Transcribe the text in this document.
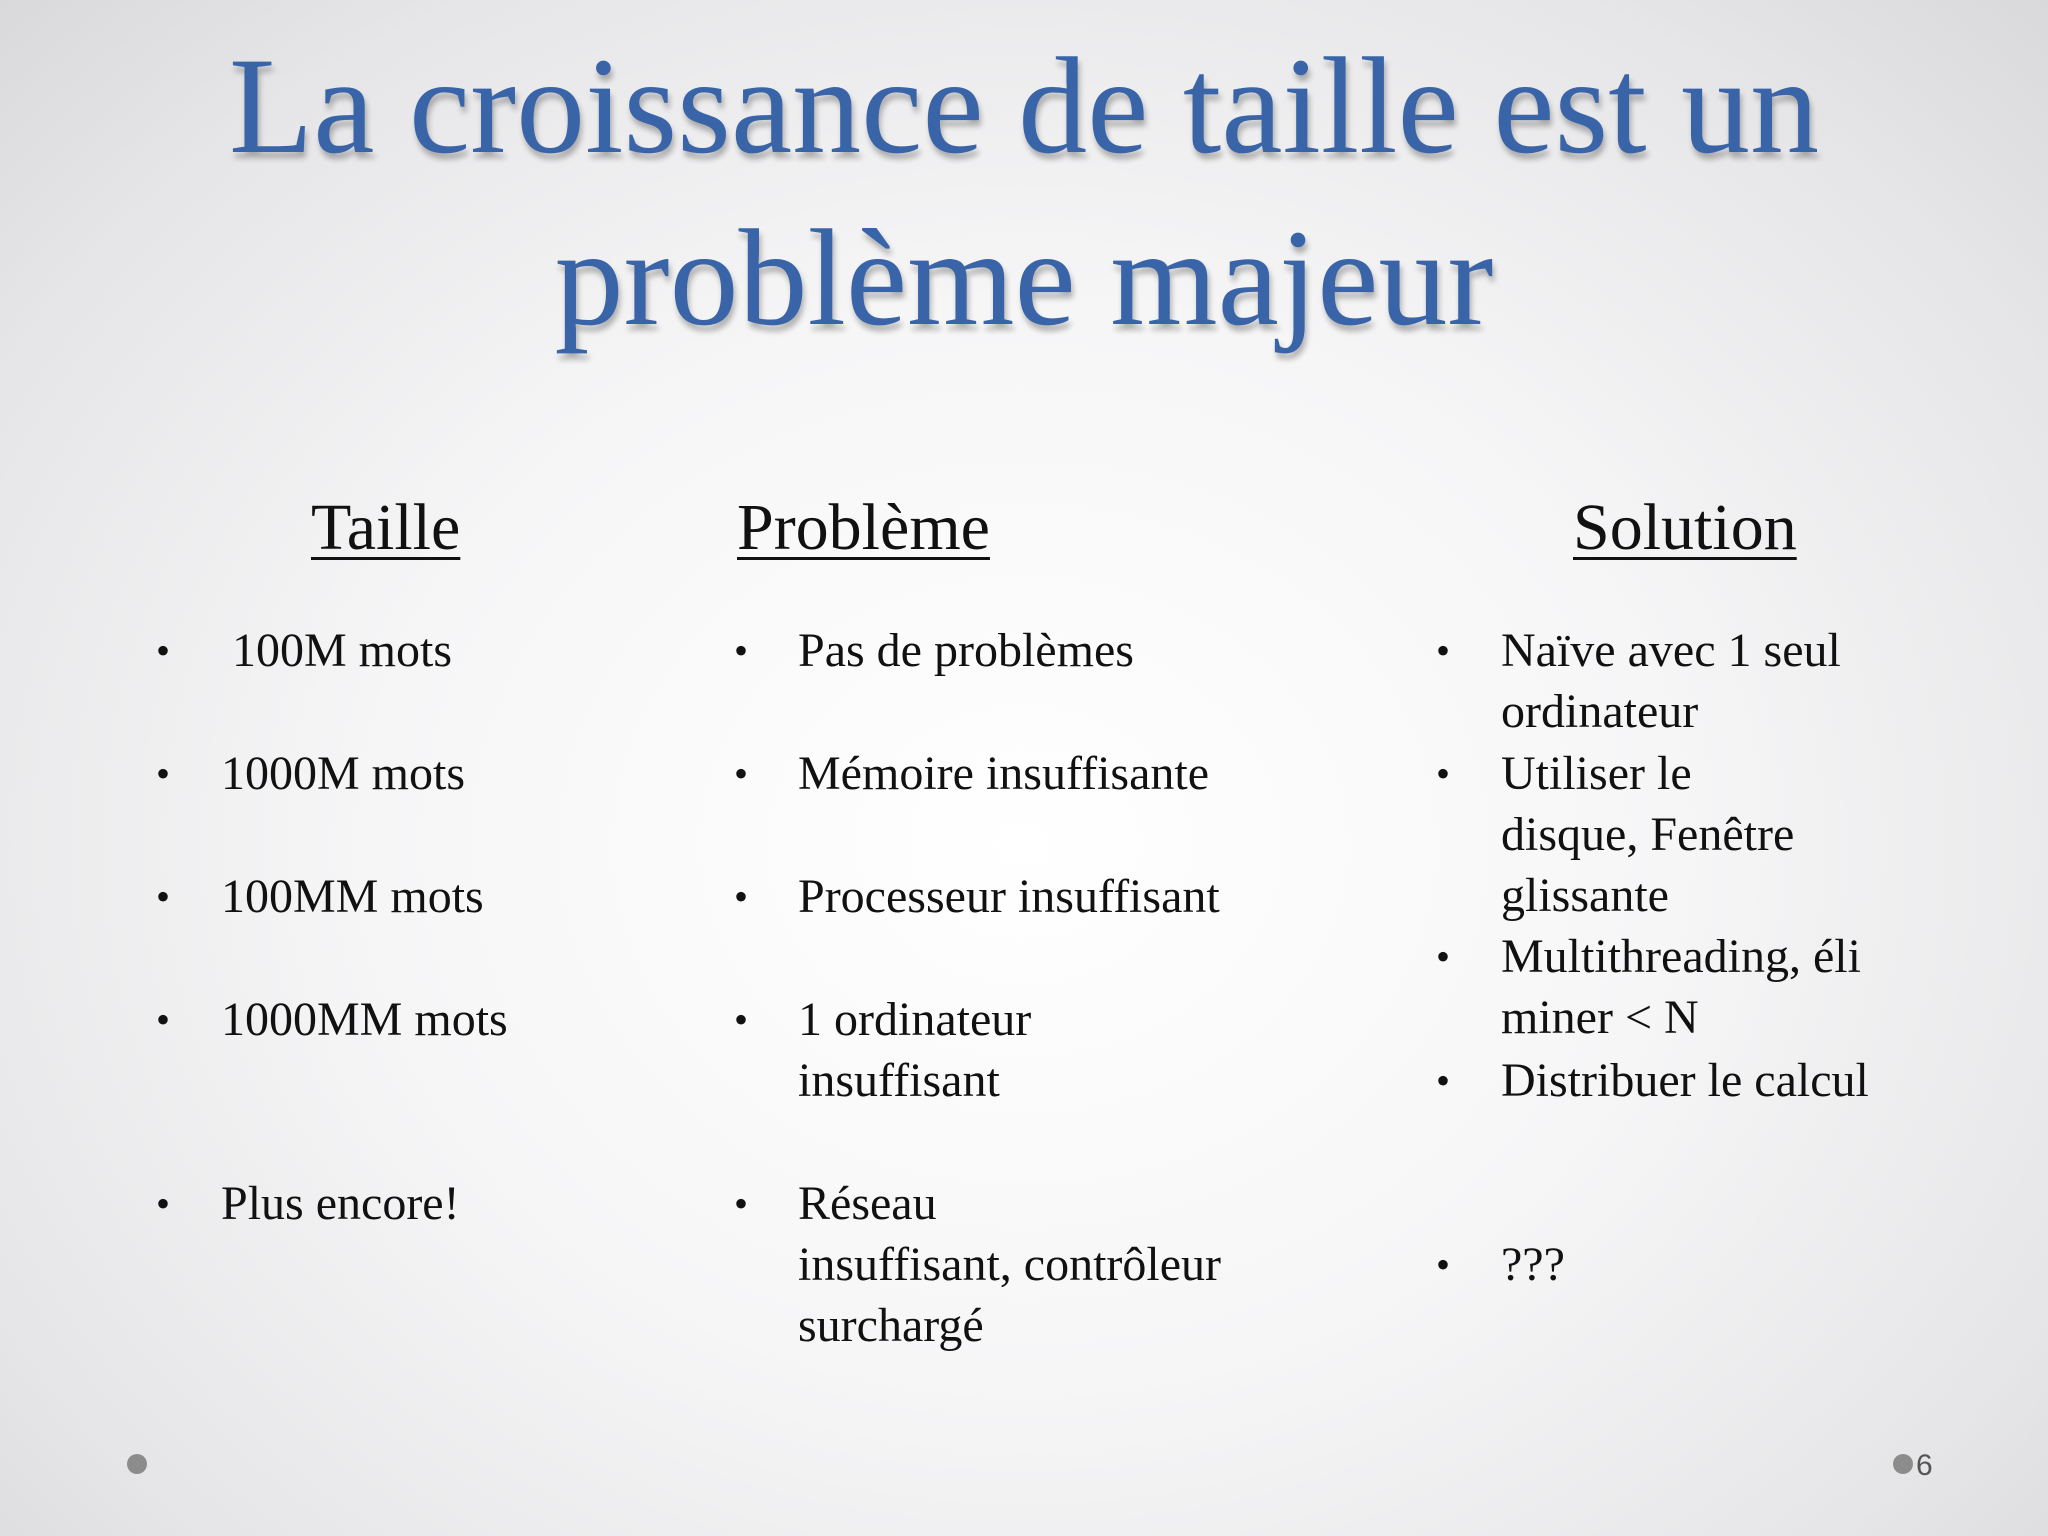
La croissance de taille est un
problème majeur
Taille	Problème	Solution
• 100M mots
• 1000M mots
• 100MM mots
• 1000MM mots
• Plus encore!
• Pas de problèmes
• Mémoire insuffisante
• Processeur insuffisant
• 1 ordinateur
insuffisant
• Réseau
insuffisant, contrôleur
surchargé
• Naïve avec 1 seul
ordinateur
• Utiliser le
disque, Fenêtre
glissante
• Multithreading, éli
miner < N
• Distribuer le calcul
• ???
6
